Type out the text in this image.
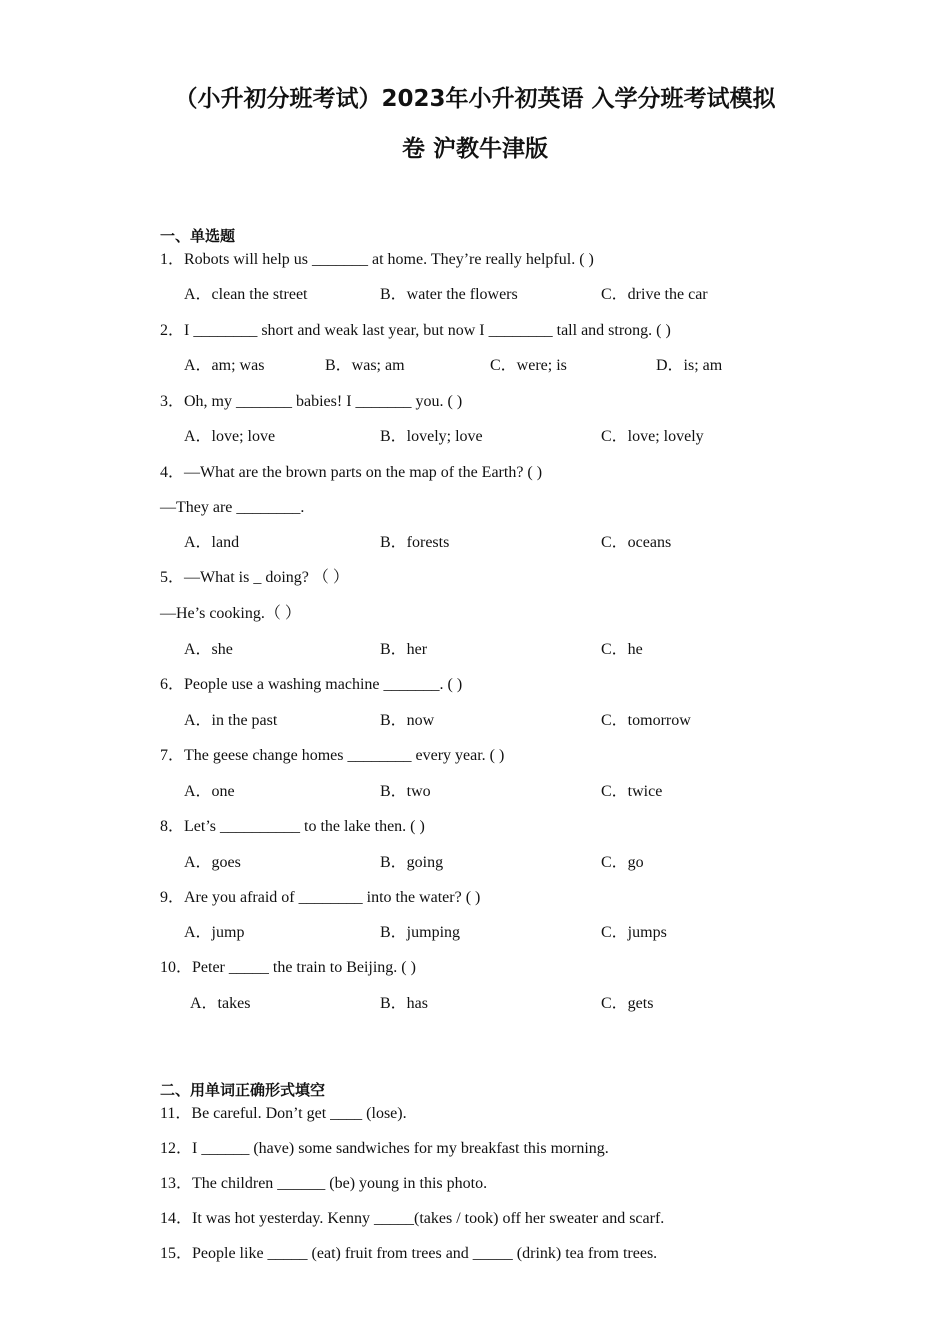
（小升初分班考试）2023年小升初英语 入学分班考试模拟
卷 沪教牛津版
一、单选题
1．Robots will help us _______ at home. They’re really helpful. ( )
A．clean the street	B．water the flowers	C．drive the car
2．I ________ short and weak last year, but now I ________ tall and strong. ( )
A．am; was	B．was; am	C．were; is	D．is; am
3．Oh, my _______ babies! I _______ you. ( )
A．love; love	B．lovely; love	C．love; lovely
4．—What are the brown parts on the map of the Earth? ( )
—They are ________.
A．land	B．forests	C．oceans
5．—What is _ doing? （ ）
—He’s cooking.（ ）
A．she	B．her	C．he
6．People use a washing machine _______. ( )
A．in the past	B．now	C．tomorrow
7．The geese change homes ________ every year. ( )
A．one	B．two	C．twice
8．Let’s __________ to the lake then. ( )
A．goes	B．going	C．go
9．Are you afraid of ________ into the water? ( )
A．jump	B．jumping	C．jumps
10．Peter _____ the train to Beijing. ( )
A．takes	B．has	C．gets
二、用单词正确形式填空
11．Be careful. Don’t get ____ (lose).
12．I ______ (have) some sandwiches for my breakfast this morning.
13．The children ______ (be) young in this photo.
14．It was hot yesterday. Kenny _____(takes / took) off her sweater and scarf.
15．People like _____ (eat) fruit from trees and _____ (drink) tea from trees.
